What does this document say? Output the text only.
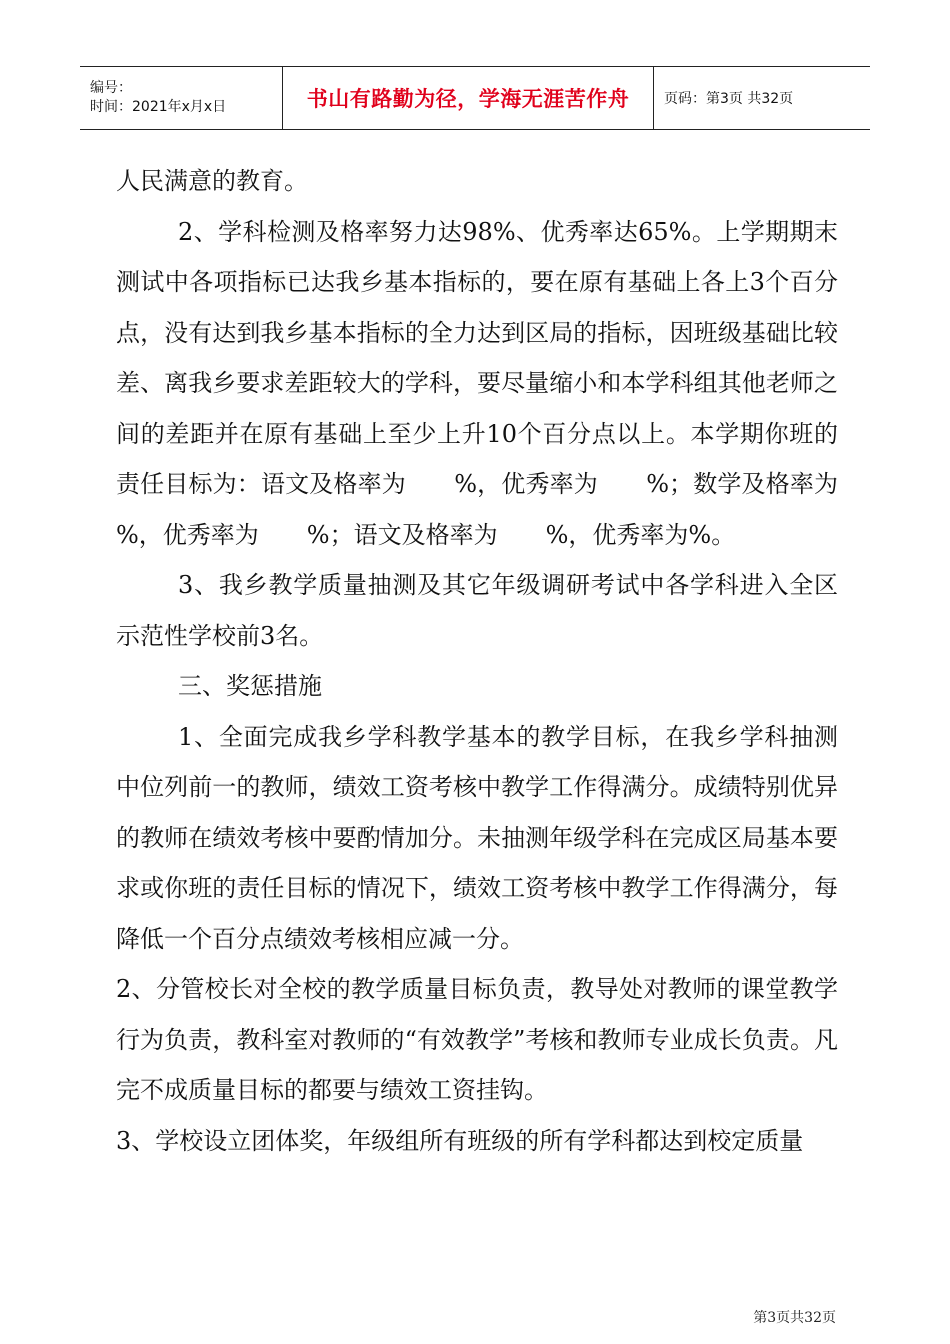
编号：
时间：2021年x月x日	书山有路勤为径，学海无涯苦作舟 页码：第3页 共32页

人民满意的教育。

2、学科检测及格率努力达98%、优秀率达65%。上学期期末测试中各项指标已达我乡基本指标的，要在原有基础上各上3个百分点，没有达到我乡基本指标的全力达到区局的指标，因班级基础比较差、离我乡要求差距较大的学科，要尽量缩小和本学科组其他老师之间的差距并在原有基础上至少上升10个百分点以上。本学期你班的责任目标为：语文及格率为　　%，优秀率为　　%；数学及格率为　　%，优秀率为　　%；语文及格率为　　%，优秀率为%。

3、我乡教学质量抽测及其它年级调研考试中各学科进入全区示范性学校前3名。

三、奖惩措施

1、全面完成我乡学科教学基本的教学目标，在我乡学科抽测中位列前一的教师，绩效工资考核中教学工作得满分。成绩特别优异的教师在绩效考核中要酌情加分。未抽测年级学科在完成区局基本要求或你班的责任目标的情况下，绩效工资考核中教学工作得满分，每降低一个百分点绩效考核相应减一分。

2、分管校长对全校的教学质量目标负责，教导处对教师的课堂教学行为负责，教科室对教师的“有效教学”考核和教师专业成长负责。凡完不成质量目标的都要与绩效工资挂钩。

3、学校设立团体奖，年级组所有班级的所有学科都达到校定质量

第3页共32页
